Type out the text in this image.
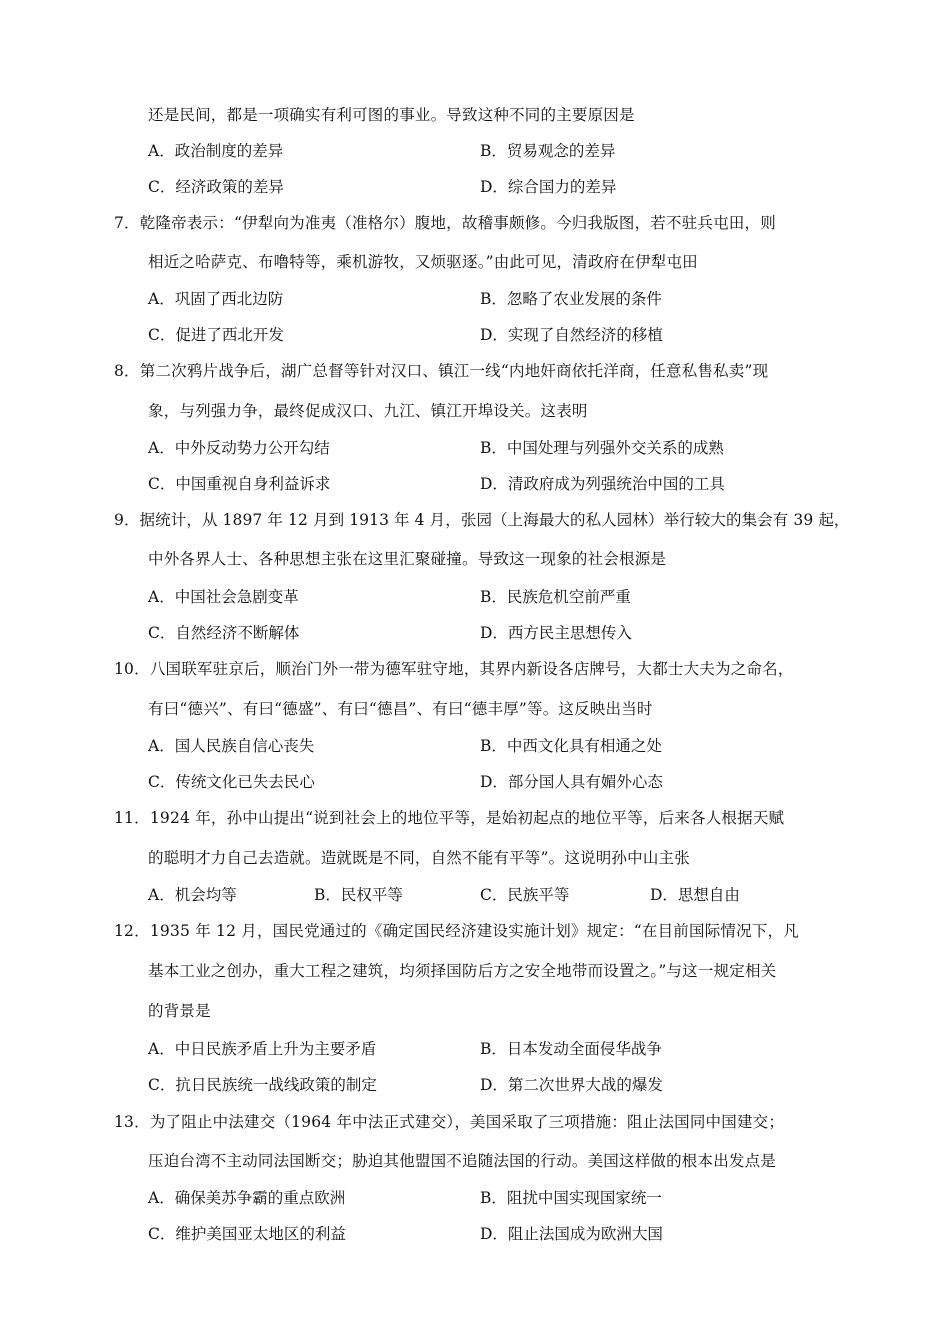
还是民间，都是一项确实有利可图的事业。导致这种不同的主要原因是
A．政治制度的差异	B．贸易观念的差异
C．经济政策的差异	D．综合国力的差异
7．乾隆帝表示：“伊犁向为准夷（准格尔）腹地，故稽事颇修。今归我版图，若不驻兵屯田，则
相近之哈萨克、布噜特等，乘机游牧，又烦驱逐。”由此可见，清政府在伊犁屯田
A．巩固了西北边防	B．忽略了农业发展的条件
C．促进了西北开发	D．实现了自然经济的移植
8．第二次鸦片战争后，湖广总督等针对汉口、镇江一线“内地奸商依托洋商，任意私售私卖”现
象，与列强力争，最终促成汉口、九江、镇江开埠设关。这表明
A．中外反动势力公开勾结	B．中国处理与列强外交关系的成熟
C．中国重视自身利益诉求	D．清政府成为列强统治中国的工具
9．据统计，从 1897 年 12 月到 1913 年 4 月，张园（上海最大的私人园林）举行较大的集会有 39 起，
中外各界人士、各种思想主张在这里汇聚碰撞。导致这一现象的社会根源是
A．中国社会急剧变革	B．民族危机空前严重
C．自然经济不断解体	D．西方民主思想传入
10．八国联军驻京后，顺治门外一带为德军驻守地，其界内新设各店牌号，大都士大夫为之命名，
有曰“德兴”、有曰“德盛”、有曰“德昌”、有曰“德丰厚”等。这反映出当时
A．国人民族自信心丧失	B．中西文化具有相通之处
C．传统文化已失去民心	D．部分国人具有媚外心态
11．1924 年，孙中山提出“说到社会上的地位平等，是始初起点的地位平等，后来各人根据天赋
的聪明才力自己去造就。造就既是不同，自然不能有平等”。这说明孙中山主张
A．机会均等	B．民权平等	C．民族平等	D．思想自由
12．1935 年 12 月，国民党通过的《确定国民经济建设实施计划》规定：“在目前国际情况下，凡
基本工业之创办，重大工程之建筑，均须择国防后方之安全地带而设置之。”与这一规定相关
的背景是
A．中日民族矛盾上升为主要矛盾	B．日本发动全面侵华战争
C．抗日民族统一战线政策的制定	D．第二次世界大战的爆发
13．为了阻止中法建交（1964 年中法正式建交），美国采取了三项措施：阻止法国同中国建交；
压迫台湾不主动同法国断交；胁迫其他盟国不追随法国的行动。美国这样做的根本出发点是
A．确保美苏争霸的重点欧洲	B．阻扰中国实现国家统一
C．维护美国亚太地区的利益	D．阻止法国成为欧洲大国
